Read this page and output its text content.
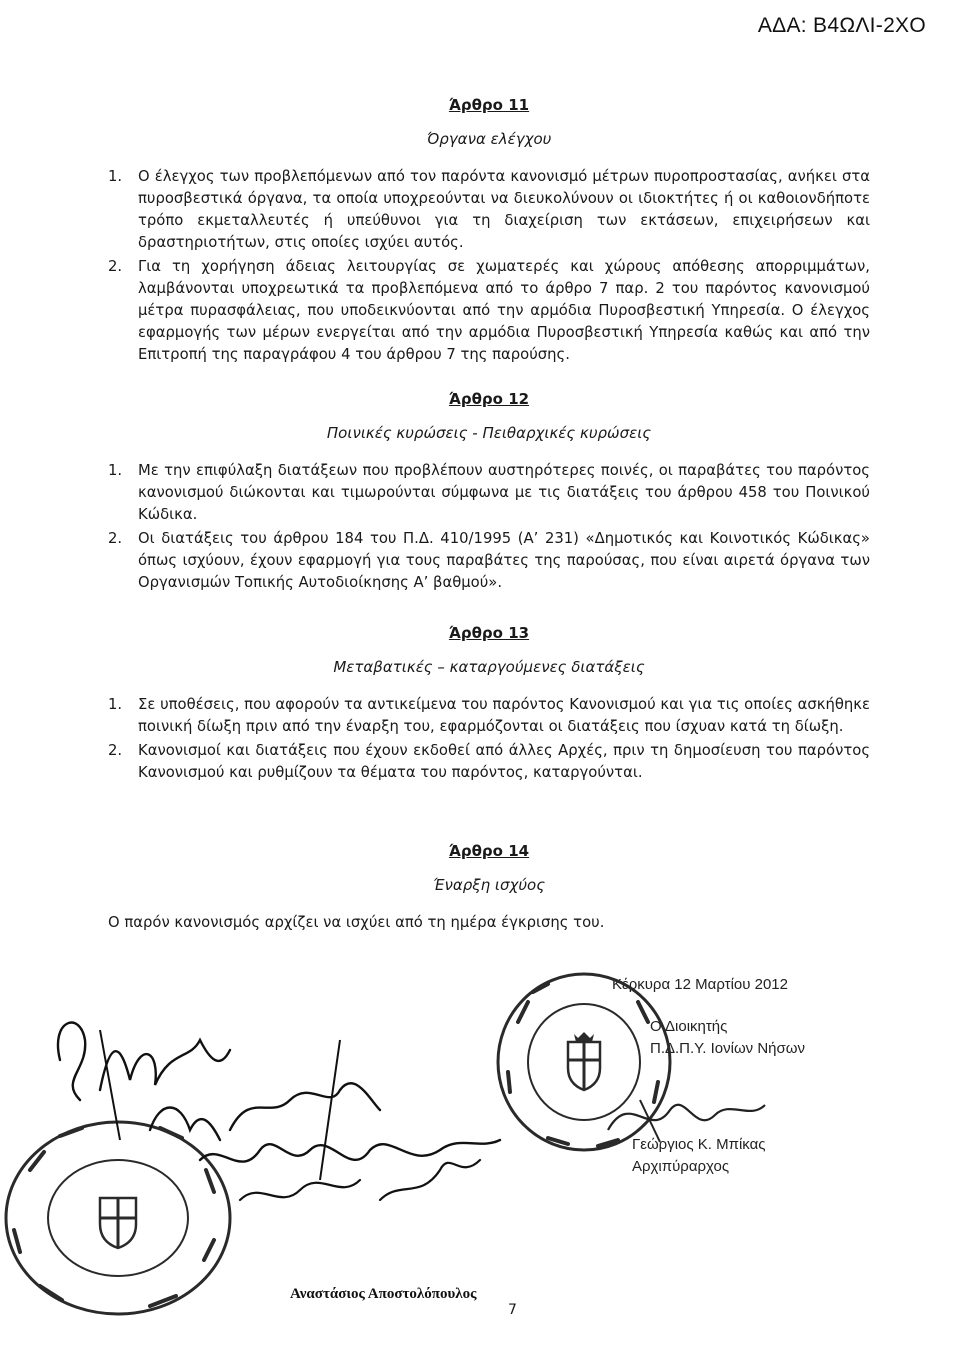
ΑΔΑ: Β4ΩΛΙ-2ΧΟ
Άρθρο 11
Όργανα ελέγχου
1. Ο έλεγχος των προβλεπόμενων από τον παρόντα κανονισμό μέτρων πυροπροστασίας, ανήκει στα πυροσβεστικά όργανα, τα οποία υποχρεούνται να διευκολύνουν οι ιδιοκτήτες ή οι καθοιονδήποτε τρόπο εκμεταλλευτές ή υπεύθυνοι για τη διαχείριση των εκτάσεων, επιχειρήσεων και δραστηριοτήτων, στις οποίες ισχύει αυτός.
2. Για τη χορήγηση άδειας λειτουργίας σε χωματερές και χώρους απόθεσης απορριμμάτων, λαμβάνονται υποχρεωτικά τα προβλεπόμενα από το άρθρο 7 παρ. 2 του παρόντος κανονισμού μέτρα πυρασφάλειας, που υποδεικνύονται από την αρμόδια Πυροσβεστική Υπηρεσία. Ο έλεγχος εφαρμογής των μέρων ενεργείται από την αρμόδια Πυροσβεστική Υπηρεσία καθώς και από την Επιτροπή της παραγράφου 4 του άρθρου 7 της παρούσης.
Άρθρο 12
Ποινικές κυρώσεις - Πειθαρχικές κυρώσεις
1. Με την επιφύλαξη διατάξεων που προβλέπουν αυστηρότερες ποινές, οι παραβάτες του παρόντος κανονισμού διώκονται και τιμωρούνται σύμφωνα με τις διατάξεις του άρθρου 458 του Ποινικού Κώδικα.
2. Οι διατάξεις του άρθρου 184 του Π.Δ. 410/1995 (Α’ 231) «Δημοτικός και Κοινοτικός Κώδικας» όπως ισχύουν, έχουν εφαρμογή για τους παραβάτες της παρούσας, που είναι αιρετά όργανα των Οργανισμών Τοπικής Αυτοδιοίκησης Α’ βαθμού».
Άρθρο 13
Μεταβατικές – καταργούμενες διατάξεις
1. Σε υποθέσεις, που αφορούν τα αντικείμενα του παρόντος Κανονισμού και για τις οποίες ασκήθηκε ποινική δίωξη πριν από την έναρξη του, εφαρμόζονται οι διατάξεις που ίσχυαν κατά τη δίωξη.
2. Κανονισμοί και διατάξεις που έχουν εκδοθεί από άλλες Αρχές, πριν τη δημοσίευση του παρόντος Κανονισμού και ρυθμίζουν τα θέματα του παρόντος, καταργούνται.
Άρθρο 14
Έναρξη ισχύος
Ο παρόν κανονισμός αρχίζει να ισχύει από τη ημέρα έγκρισης του.
Κέρκυρα 12 Μαρτίου 2012
Ο Διοικητής
Π.Δ.Π.Υ. Ιονίων Νήσων
Γεώργιος Κ. Μπίκας
Αρχιπύραρχος
Αναστάσιος Αποστολόπουλος
7
